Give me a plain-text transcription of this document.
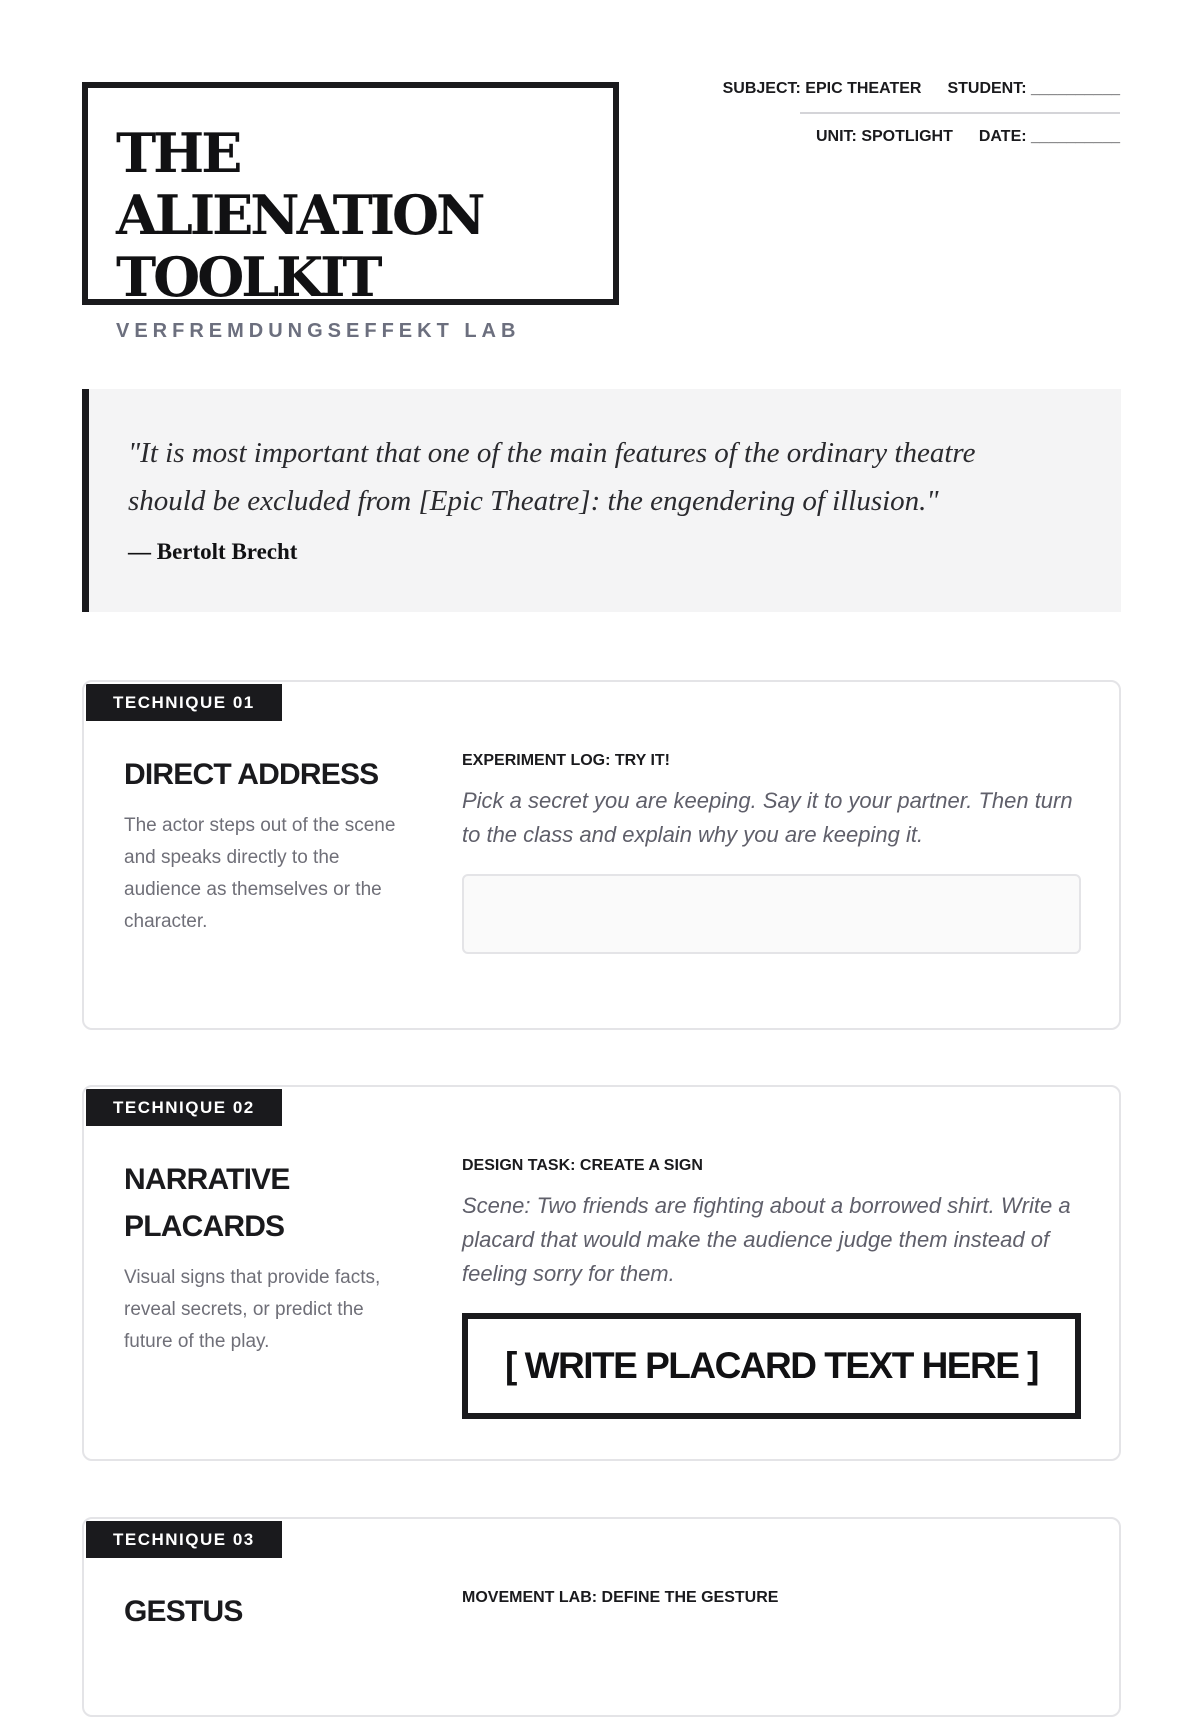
THE ALIENATION
TOOLKIT
VERFREMDUNGSEFFEKT LAB
SUBJECT: EPIC THEATER STUDENT: __________
UNIT: SPOTLIGHT DATE: __________

"It is most important that one of the main features of the ordinary theatre should be excluded from [Epic Theatre]: the engendering of illusion."

— Bertolt Brecht
TECHNIQUE 01
DIRECT ADDRESS
The actor steps out of the scene and speaks directly to the audience as themselves or the character.
EXPERIMENT LOG: TRY IT!
Pick a secret you are keeping. Say it to your partner. Then turn to the class and explain why you are keeping it.
TECHNIQUE 02
NARRATIVE PLACARDS
Visual signs that provide facts, reveal secrets, or predict the future of the play.
DESIGN TASK: CREATE A SIGN
Scene: Two friends are fighting about a borrowed shirt. Write a placard that would make the audience judge them instead of feeling sorry for them.
[ WRITE PLACARD TEXT HERE ]
TECHNIQUE 03
GESTUS	MOVEMENT LAB: DEFINE THE GESTURE
